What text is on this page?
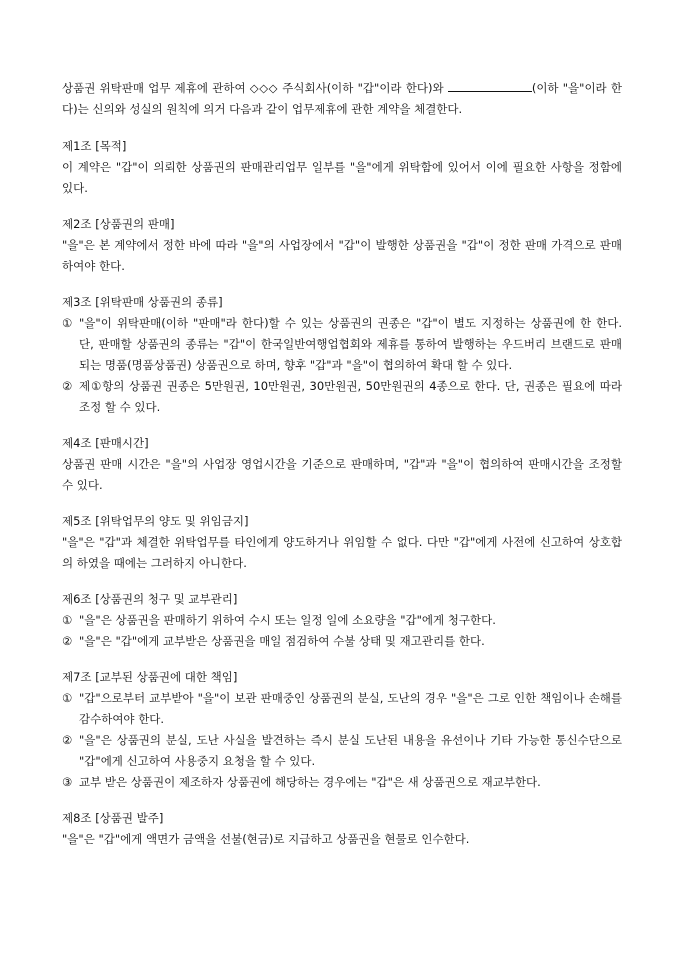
상품권 위탁판매 업무 제휴에 관하여 ◇◇◇ 주식회사(이하 "갑"이라 한다)와	(이하 "을"이라 한다)는 신의와 성실의 원칙에 의거 다음과 같이 업무제휴에 관한 계약을 체결한다.

제1조 [목적]

이 계약은 "갑"이 의뢰한 상품권의 판매관리업무 일부를 "을"에게 위탁함에 있어서 이에 필요한 사항을 정함에 있다.

제2조 [상품권의 판매]

"을"은 본 계약에서 정한 바에 따라 "을"의 사업장에서 "갑"이 발행한 상품권을 "갑"이 정한 판매 가격으로 판매하여야 한다.

제3조 [위탁판매 상품권의 종류]

① "을"이 위탁판매(이하 "판매"라 한다)할 수 있는 상품권의 권종은 "갑"이 별도 지정하는 상품권에 한 한다. 단, 판매할 상품권의 종류는 "갑"이 한국일반여행업협회와 제휴를 통하여 발행하는 우드버리 브랜드로 판매되는 명품(명품상품권) 상품권으로 하며, 향후 "갑"과 "을"이 협의하여 확대 할 수 있다.
② 제①항의 상품권 권종은 5만원권, 10만원권, 30만원권, 50만원권의 4종으로 한다. 단, 권종은 필요에 따라 조정 할 수 있다.

제4조 [판매시간]

상품권 판매 시간은 "을"의 사업장 영업시간을 기준으로 판매하며, "갑"과 "을"이 협의하여 판매시간을 조정할 수 있다.

제5조 [위탁업무의 양도 및 위임금지]

"을"은 "갑"과 체결한 위탁업무를 타인에게 양도하거나 위임할 수 없다. 다만 "갑"에게 사전에 신고하여 상호합의 하였을 때에는 그러하지 아니한다.

제6조 [상품권의 청구 및 교부관리]

① "을"은 상품권을 판매하기 위하여 수시 또는 일정 일에 소요량을 "갑"에게 청구한다.
② "을"은 "갑"에게 교부받은 상품권을 매일 점검하여 수불 상태 및 재고관리를 한다.

제7조 [교부된 상품권에 대한 책임]

① "갑"으로부터 교부받아 "을"이 보관 판매중인 상품권의 분실, 도난의 경우 "을"은 그로 인한 책임이나 손해를 감수하여야 한다.
② "을"은 상품권의 분실, 도난 사실을 발견하는 즉시 분실 도난된 내용을 유선이나 기타 가능한 통신수단으로 "갑"에게 신고하여 사용중지 요청을 할 수 있다.
③ 교부 받은 상품권이 제조하자 상품권에 해당하는 경우에는 "갑"은 새 상품권으로 재교부한다.

제8조 [상품권 발주]

"을"은 "갑"에게 액면가 금액을 선불(현금)로 지급하고 상품권을 현물로 인수한다.
